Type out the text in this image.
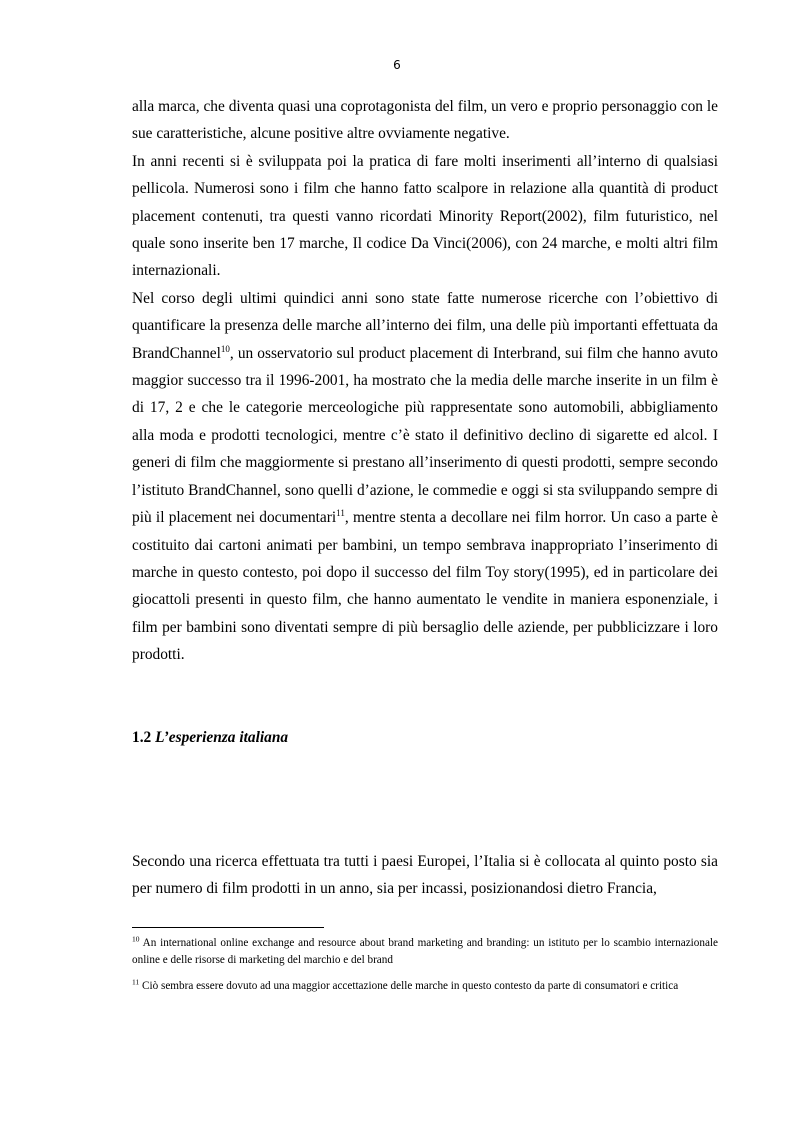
6

alla marca, che diventa quasi una coprotagonista del film, un vero e proprio personaggio con le sue caratteristiche, alcune positive altre ovviamente negative.

In anni recenti si è sviluppata poi la pratica di fare molti inserimenti all’interno di qualsiasi pellicola. Numerosi sono i film che hanno fatto scalpore in relazione alla quantità di product placement contenuti, tra questi vanno ricordati Minority Report(2002), film futuristico, nel quale sono inserite ben 17 marche, Il codice Da Vinci(2006), con 24 marche, e molti altri film internazionali.

Nel corso degli ultimi quindici anni sono state fatte numerose ricerche con l’obiettivo di quantificare la presenza delle marche all’interno dei film, una delle più importanti effettuata da BrandChannel$^{10}$, un osservatorio sul product placement di Interbrand, sui film che hanno avuto maggior successo tra il 1996-2001, ha mostrato che la media delle marche inserite in un film è di 17, 2 e che le categorie merceologiche più rappresentate sono automobili, abbigliamento alla moda e prodotti tecnologici, mentre c’è stato il definitivo declino di sigarette ed alcol. I generi di film che maggiormente si prestano all’inserimento di questi prodotti, sempre secondo l’istituto BrandChannel, sono quelli d’azione, le commedie e oggi si sta sviluppando sempre di più il placement nei documentari$^{11}$, mentre stenta a decollare nei film horror. Un caso a parte è costituito dai cartoni animati per bambini, un tempo sembrava inappropriato l’inserimento di marche in questo contesto, poi dopo il successo del film Toy story(1995), ed in particolare dei giocattoli presenti in questo film, che hanno aumentato le vendite in maniera esponenziale, i film per bambini sono diventati sempre di più bersaglio delle aziende, per pubblicizzare i loro prodotti.

1.2 L’esperienza italiana

Secondo una ricerca effettuata tra tutti i paesi Europei, l’Italia si è collocata al quinto posto sia per numero di film prodotti in un anno, sia per incassi, posizionandosi dietro Francia,

$^{10}$ An international online exchange and resource about brand marketing and branding: un istituto per lo scambio internazionale online e delle risorse di marketing del marchio e del brand

$^{11}$ Ciò sembra essere dovuto ad una maggior accettazione delle marche in questo contesto da parte di consumatori e critica
